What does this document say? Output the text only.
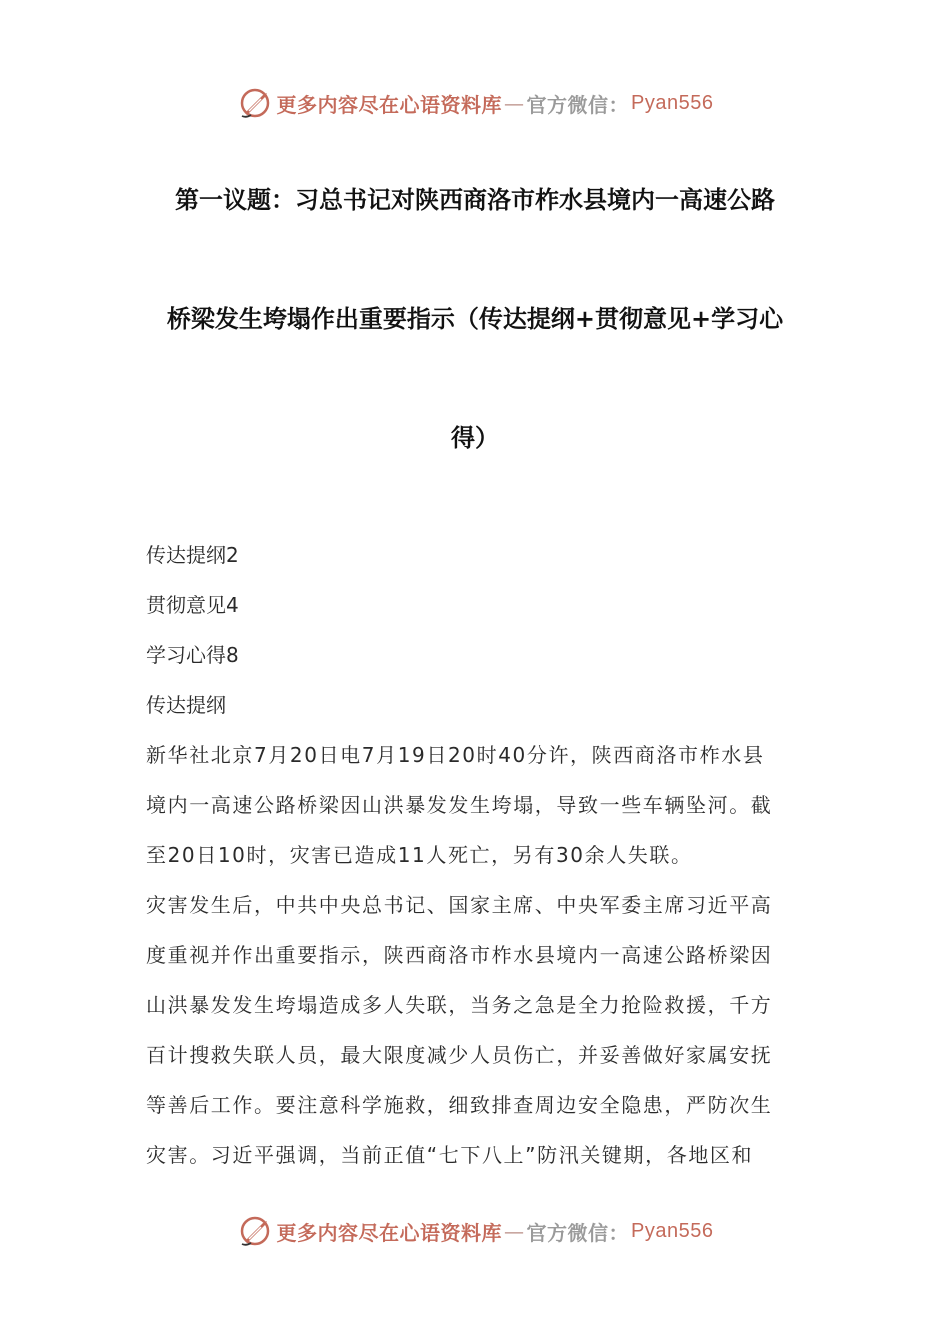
更多内容尽在心语资料库 — 官方微信： Pyan556
第一议题：习总书记对陕西商洛市柞水县境内一高速公路
桥梁发生垮塌作出重要指示（传达提纲+贯彻意见+学习心
得）
传达提纲2
贯彻意见4
学习心得8
传达提纲
新华社北京7月20日电7月19日20时40分许，陕西商洛市柞水县
境内一高速公路桥梁因山洪暴发发生垮塌，导致一些车辆坠河。截
至20日10时，灾害已造成11人死亡，另有30余人失联。
灾害发生后，中共中央总书记、国家主席、中央军委主席习近平高
度重视并作出重要指示，陕西商洛市柞水县境内一高速公路桥梁因
山洪暴发发生垮塌造成多人失联，当务之急是全力抢险救援，千方
百计搜救失联人员，最大限度减少人员伤亡，并妥善做好家属安抚
等善后工作。要注意科学施救，细致排查周边安全隐患，严防次生
灾害。习近平强调，当前正值“七下八上”防汛关键期，各地区和
更多内容尽在心语资料库 — 官方微信： Pyan556
